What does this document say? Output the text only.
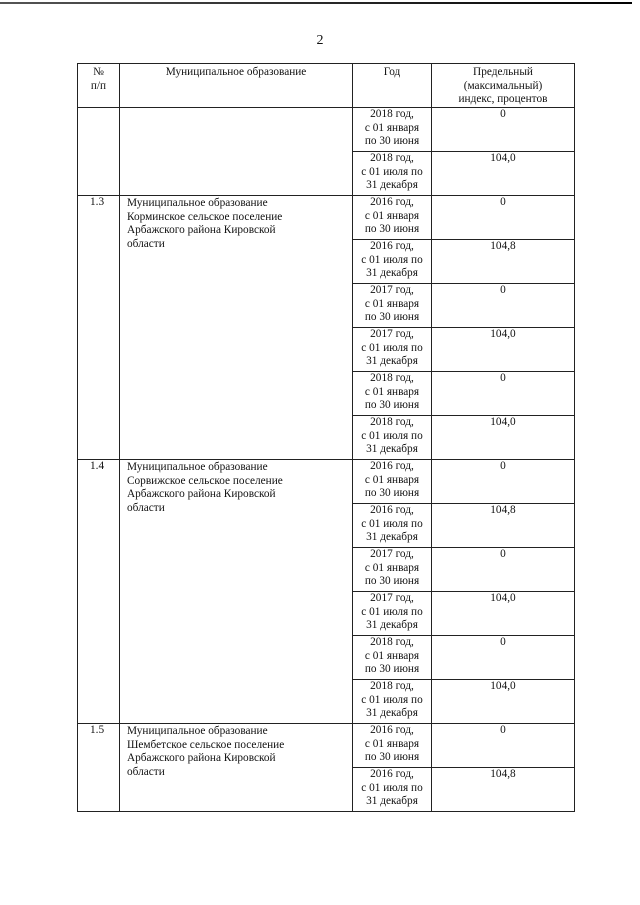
2
№
п/п	Муниципальное образование	Год	Предельный
(максимальный)
индекс, процентов
		2018 год,
с 01 января
по 30 июня	0
		2018 год,
с 01 июля по
31 декабря	104,0
1.3	Муниципальное образование
Корминское сельское поселение
Арбажского района Кировской
области	2016 год,
с 01 января
по 30 июня	0
		2016 год,
с 01 июля по
31 декабря	104,8
		2017 год,
с 01 января
по 30 июня	0
		2017 год,
с 01 июля по
31 декабря	104,0
		2018 год,
с 01 января
по 30 июня	0
		2018 год,
с 01 июля по
31 декабря	104,0
1.4	Муниципальное образование
Сорвижское сельское поселение
Арбажского района Кировской
области	2016 год,
с 01 января
по 30 июня	0
		2016 год,
с 01 июля по
31 декабря	104,8
		2017 год,
с 01 января
по 30 июня	0
		2017 год,
с 01 июля по
31 декабря	104,0
		2018 год,
с 01 января
по 30 июня	0
		2018 год,
с 01 июля по
31 декабря	104,0
1.5	Муниципальное образование
Шембетское сельское поселение
Арбажского района Кировской
области	2016 год,
с 01 января
по 30 июня	0
		2016 год,
с 01 июля по
31 декабря	104,8
